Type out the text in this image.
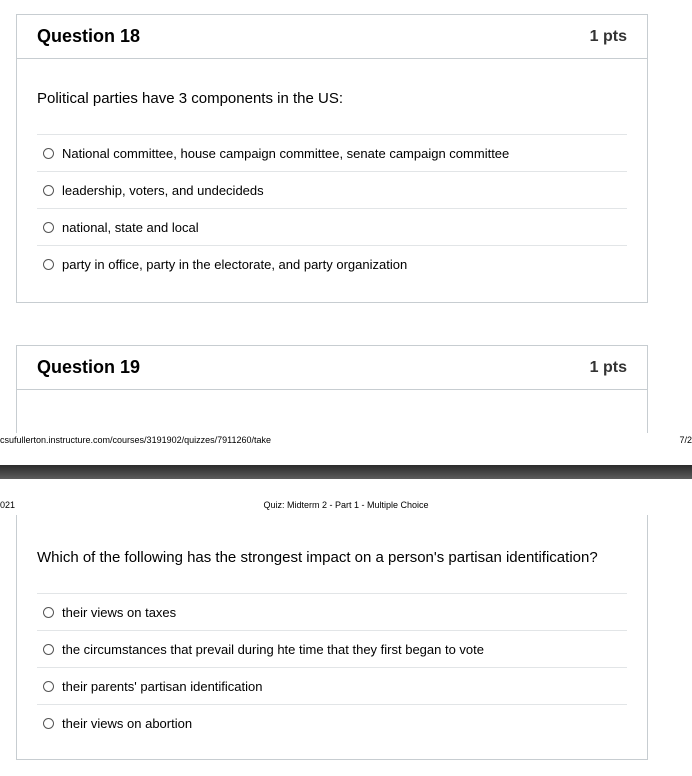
Question 18	1 pts
Political parties have 3 components in the US:
National committee, house campaign committee, senate campaign committee
leadership, voters, and undecideds
national, state and local
party in office, party in the electorate, and party organization
Question 19	1 pts
csufullerton.instructure.com/courses/3191902/quizzes/7911260/take	7/2
021	Quiz: Midterm 2 - Part 1 - Multiple Choice
Which of the following has the strongest impact on a person's partisan identification?
their views on taxes
the circumstances that prevail during hte time that they first began to vote
their parents' partisan identification
their views on abortion
